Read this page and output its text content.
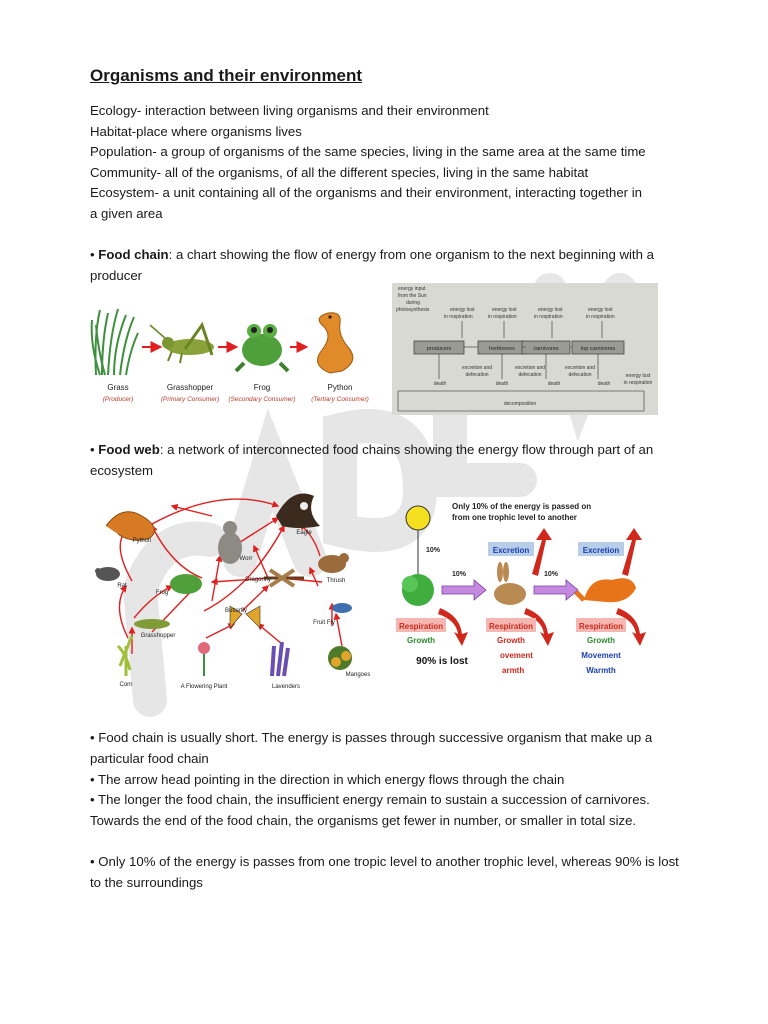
Organisms and their environment
Ecology- interaction between living organisms and their environment
Habitat-place where organisms lives
Population- a group of organisms of the same species, living in the same area at the same time
Community- all of the organisms, of all the different species, living in the same habitat
Ecosystem- a unit containing all of the organisms and their environment, interacting together in
a given area
• Food chain: a chart showing the flow of energy from one organism to the next beginning with a producer
Grass
(Producer)
Grasshopper
(Primary Consumer)
Frog
(Secondary Consumer)
Python
(Tertiary Consumer)
energy input
from the Sun
during
photosynthesis	energy lost
in respiration
energy lost
in respiration
energy lost
in respiration
energy lost
in respiration
producers	herbivores	carnivores	top carnivores
excretion and
defecation
excretion and
defecation
excretion and
defecation
death	death	death	death
energy lost
in respiration
decomposition
• Food web: a network of interconnected food chains showing the energy flow through part of an ecosystem
Python
Eagle
Worr
Rat
Frog
Dragonfly	Thrush
Butterfly
Fruit Fly
Grasshopper
Corn	A Flowering Plant	Lavenders
Mangoes
Only 10% of the energy is passed on
from one trophic level to another
10%
10%	10%
Excretion	Excretion
Respiration
Growth
90% is lost
Respiration
Growth
ovement
armth
Respiration
Growth
Movement
Warmth
• Food chain is usually short. The energy is passes through successive organism that make up a particular food chain
• The arrow head pointing in the direction in which energy flows through the chain
• The longer the food chain, the insufficient energy remain to sustain a succession of carnivores. Towards the end of the food chain, the organisms get fewer in number, or smaller in total size.
• Only 10% of the energy is passes from one tropic level to another trophic level, whereas 90% is lost to the surroundings
